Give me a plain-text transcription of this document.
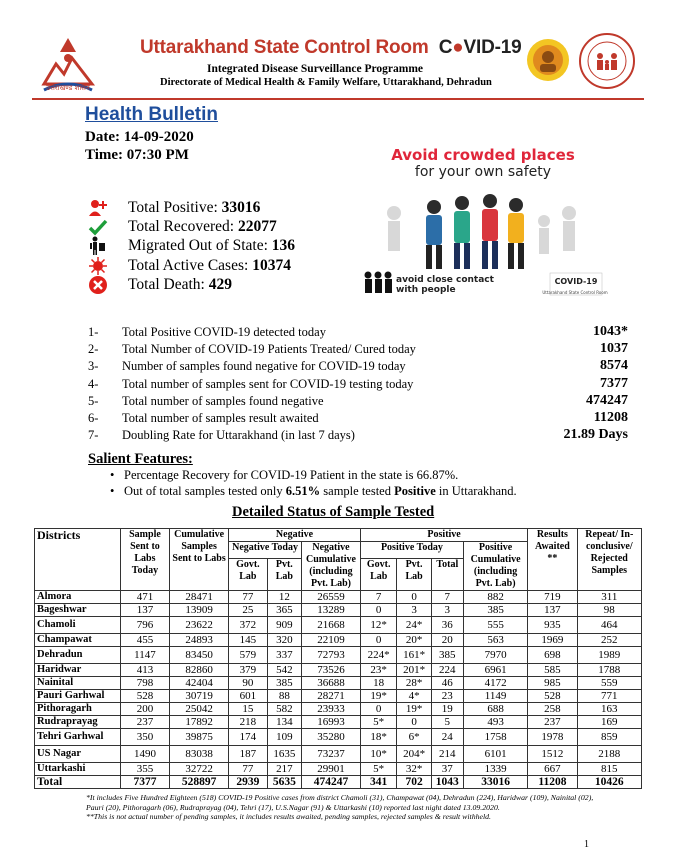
उत्तराखण्ड शासन
Uttarakhand State Control Room C●VID-19
Integrated Disease Surveillance Programme
Directorate of Medical Health & Family Welfare, Uttarakhand, Dehradun
Health Bulletin
Date: 14-09-2020
Time: 07:30 PM
Total Positive: 33016
Total Recovered: 22077
Migrated Out of State: 136
Total Active Cases: 10374
Total Death: 429
Avoid crowded places
for your own safety
avoid close contact
with people
COVID-19
Uttarakhand State Control Room
1- Total Positive COVID-19 detected today	1043*
2- Total Number of COVID-19 Patients Treated/ Cured today	1037
3- Number of samples found negative for COVID-19 today	8574
4- Total number of samples sent for COVID-19 testing today	7377
5- Total number of samples found negative	474247
6- Total number of samples result awaited	11208
7- Doubling Rate for Uttarakhand (in last 7 days)	21.89 Days
Salient Features:
• Percentage Recovery for COVID-19 Patient in the state is 66.87%.
• Out of total samples tested only 6.51% sample tested Positive in Uttarakhand.
Detailed Status of Sample Tested
Districts	Sample Sent to Labs Today	Cumulative Samples Sent to Labs	Negative			Positive				Results Awaited **	Repeat/ In-conclusive/ Rejected Samples
			Negative Today		Negative Cumulative (including Pvt. Lab)	Positive Today			Positive Cumulative (including Pvt. Lab)		
			Govt. Lab	Pvt. Lab		Govt. Lab	Pvt. Lab	Total			
Almora	471	28471	77	12	26559	7	0	7	882	719	311
Bageshwar	137	13909	25	365	13289	0	3	3	385	137	98
Chamoli	796	23622	372	909	21668	12*	24*	36	555	935	464
Champawat	455	24893	145	320	22109	0	20*	20	563	1969	252
Dehradun	1147	83450	579	337	72793	224*	161*	385	7970	698	1989
Haridwar	413	82860	379	542	73526	23*	201*	224	6961	585	1788
Nainital	798	42404	90	385	36688	18	28*	46	4172	985	559
Pauri Garhwal	528	30719	601	88	28271	19*	4*	23	1149	528	771
Pithoragarh	200	25042	15	582	23933	0	19*	19	688	258	163
Rudraprayag	237	17892	218	134	16993	5*	0	5	493	237	169
Tehri Garhwal	350	39875	174	109	35280	18*	6*	24	1758	1978	859
US Nagar	1490	83038	187	1635	73237	10*	204*	214	6101	1512	2188
Uttarkashi	355	32722	77	217	29901	5*	32*	37	1339	667	815
Total	7377	528897	2939	5635	474247	341	702	1043	33016	11208	10426
*It includes Five Hundred Eighteen (518) COVID-19 Positive cases from district Chamoli (31), Champawat (04), Dehradun (224), Haridwar (109), Nainital (02), Pauri (20), Pithoragarh (06), Rudraprayag (04), Tehri (17), U.S.Nagar (91) & Uttarkashi (10) reported last night dated 13.09.2020.
**This is not actual number of pending samples, it includes results awaited, pending samples, rejected samples & result withheld.
1
